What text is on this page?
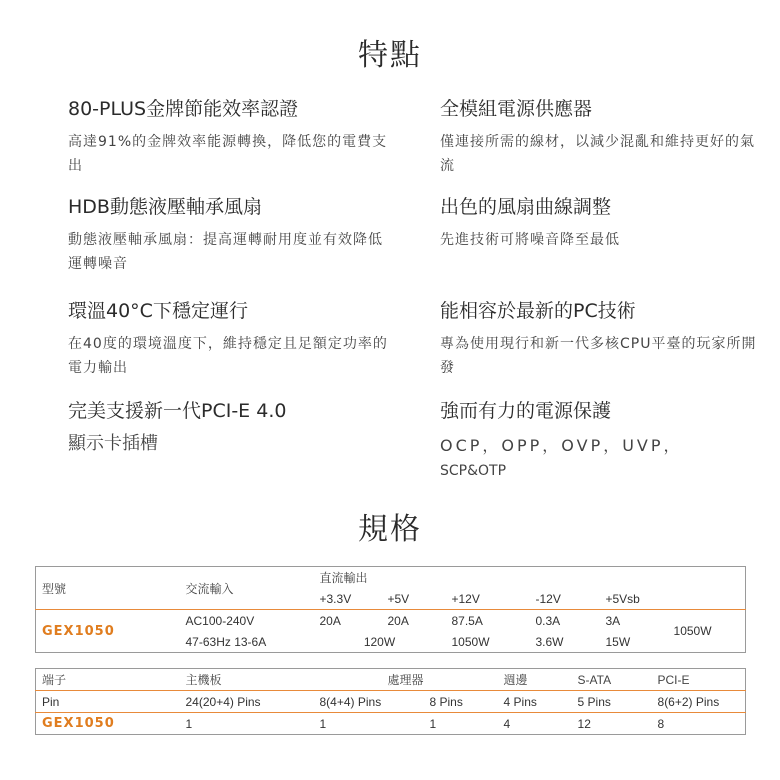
特點
80-PLUS金牌節能效率認證

高達91%的金牌效率能源轉換，降低您的電費支出

全模組電源供應器

僅連接所需的線材，以減少混亂和維持更好的氣流

HDB動態液壓軸承風扇

動態液壓軸承風扇：提高運轉耐用度並有效降低運轉噪音

出色的風扇曲線調整

先進技術可將噪音降至最低

環溫40°C下穩定運行

在40度的環境溫度下，維持穩定且足額定功率的電力輸出

能相容於最新的PC技術

專為使用現行和新一代多核CPU平臺的玩家所開發

完美支援新一代PCI-E 4.0

顯示卡插槽

強而有力的電源保護

OCP，OPP，OVP，UVP，
SCP&OTP

規格
型號	交流輸入	直流輸出					
		+3.3V	+5V	+12V	-12V	+5Vsb	
GEX1050	AC100-240V	20A	20A	87.5A	0.3A	3A	1050W
	47-63Hz 13-6A	120W		1050W	3.6W	15W	
端子	主機板	處理器		週邊	S-ATA	PCI-E
Pin	24(20+4) Pins	8(4+4) Pins	8 Pins	4 Pins	5 Pins	8(6+2) Pins
GEX1050	1	1	1	4	12	8
